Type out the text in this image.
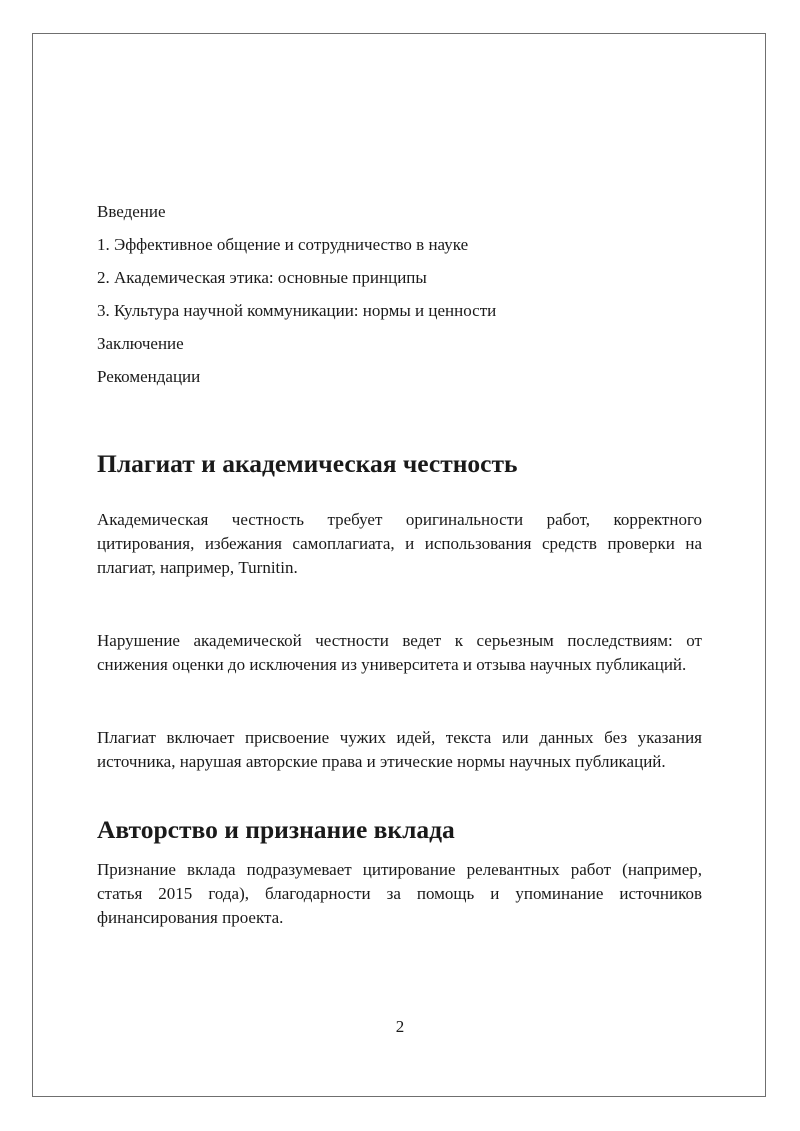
Введение
1. Эффективное общение и сотрудничество в науке
2. Академическая этика: основные принципы
3. Культура научной коммуникации: нормы и ценности
Заключение
Рекомендации
Плагиат и академическая честность

Академическая честность требует оригинальности работ, корректного цитирования, избежания самоплагиата, и использования средств проверки на плагиат, например, Turnitin.

Нарушение академической честности ведет к серьезным последствиям: от снижения оценки до исключения из университета и отзыва научных публикаций.

Плагиат включает присвоение чужих идей, текста или данных без указания источника, нарушая авторские права и этические нормы научных публикаций.

Авторство и признание вклада

Признание вклада подразумевает цитирование релевантных работ (например, статья 2015 года), благодарности за помощь и упоминание источников финансирования проекта.

2
